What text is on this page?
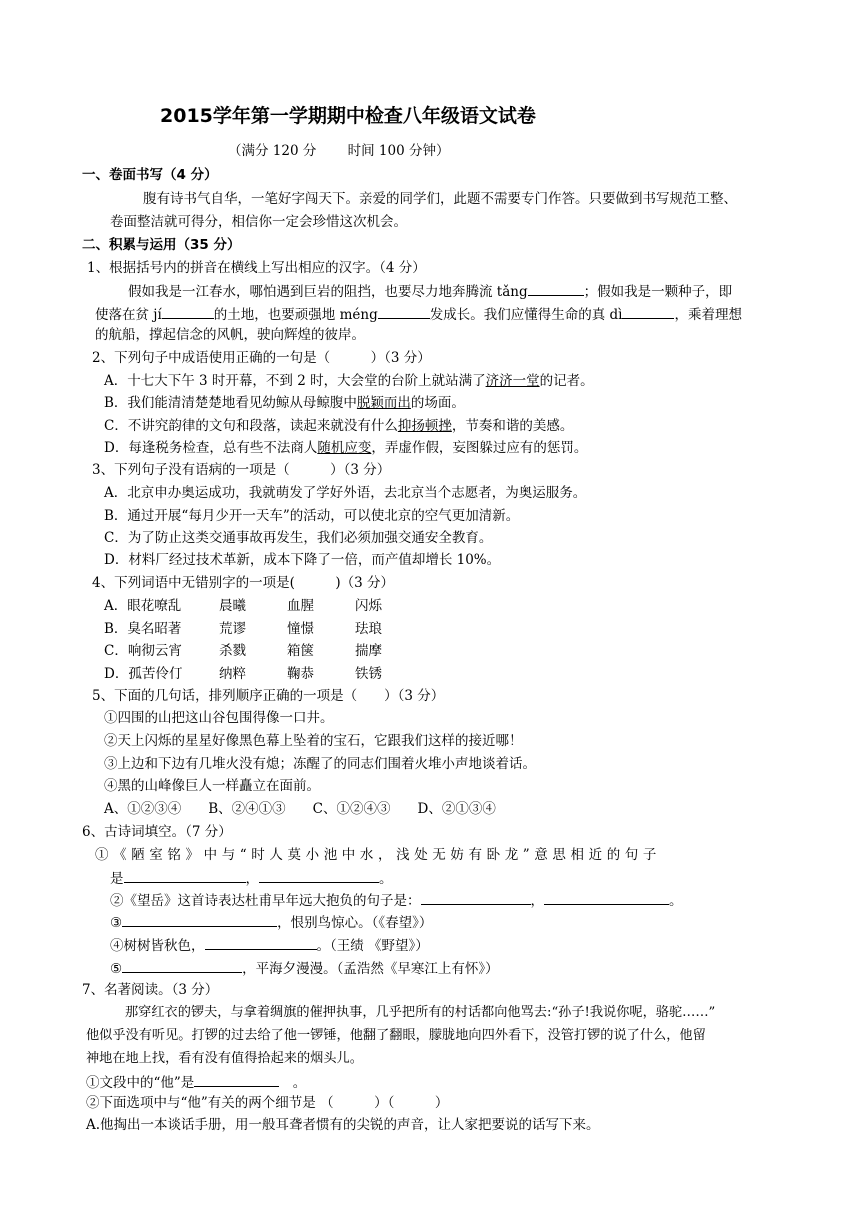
2015学年第一学期期中检查八年级语文试卷
（满分 120 分　　 时间 100 分钟）
一、卷面书写（4 分）
腹有诗书气自华，一笔好字闯天下。亲爱的同学们，此题不需要专门作答。只要做到书写规范工整、
卷面整洁就可得分，相信你一定会珍惜这次机会。
二、积累与运用（35 分）
1、根据括号内的拼音在横线上写出相应的汉字。（4 分）
假如我是一江春水，哪怕遇到巨岩的阻挡，也要尽力地奔腾流 tǎng	；假如我是一颗种子，即
使落在贫 jí	的土地，也要顽强地 méng	发成长。我们应懂得生命的真 dì	，乘着理想
的航船，撑起信念的风帆，驶向辉煌的彼岸。
2、下列句子中成语使用正确的一句是（　　　）（3 分）
A．十七大下午 3 时开幕，不到 2 时，大会堂的台阶上就站满了济济一堂的记者。
B．我们能清清楚楚地看见幼鲸从母鲸腹中脱颖而出的场面。
C．不讲究韵律的文句和段落，读起来就没有什么抑扬顿挫，节奏和谐的美感。
D．每逢税务检查，总有些不法商人随机应变，弄虚作假，妄图躲过应有的惩罚。
3、下列句子没有语病的一项是（　　　）（3 分）
A．北京申办奥运成功，我就萌发了学好外语，去北京当个志愿者，为奥运服务。
B．通过开展“每月少开一天车”的活动，可以使北京的空气更加清新。
C．为了防止这类交通事故再发生，我们必须加强交通安全教育。
D．材料厂经过技术革新，成本下降了一倍，而产值却增长 10%。
4、下列词语中无错别字的一项是(　　　)（3 分）
A．眼花嘹乱	晨曦	血腥	闪烁
B．臭名昭著	荒谬	憧憬	珐琅
C．响彻云宵	杀戮	箱箧	揣摩
D．孤苦伶仃	纳粹	鞠恭	铁锈
5、下面的几句话，排列顺序正确的一项是（　　）（3 分）
①四围的山把这山谷包围得像一口井。
②天上闪烁的星星好像黑色幕上坠着的宝石，它跟我们这样的接近哪！
③上边和下边有几堆火没有熄；冻醒了的同志们围着火堆小声地谈着话。
④黑的山峰像巨人一样矗立在面前。
A、①②③④　　B、②④①③　　C、①②④③　　D、②①③④
6、古诗词填空。（7 分）
①《陋室铭》中与“时人莫小池中水，浅处无妨有卧龙”意思相近的句子
是	，	。
②《望岳》这首诗表达杜甫早年远大抱负的句子是：	，	。
③	，恨别鸟惊心。（《春望》）
④树树皆秋色，	。（王绩 《野望》）
⑤	，平海夕漫漫。（孟浩然《早寒江上有怀》）
7、名著阅读。（3 分）
那穿红衣的锣夫，与拿着绸旗的催押执事，几乎把所有的村话都向他骂去:“孙子!我说你呢，骆驼……”
他似乎没有听见。打锣的过去给了他一锣锤，他翻了翻眼，朦胧地向四外看下，没管打锣的说了什么，他留
神地在地上找，看有没有值得拾起来的烟头儿。
①文段中的“他”是	　。
②下面选项中与“他”有关的两个细节是 （　　　）（　　　）
A.他掏出一本谈话手册，用一般耳聋者惯有的尖锐的声音，让人家把要说的话写下来。
